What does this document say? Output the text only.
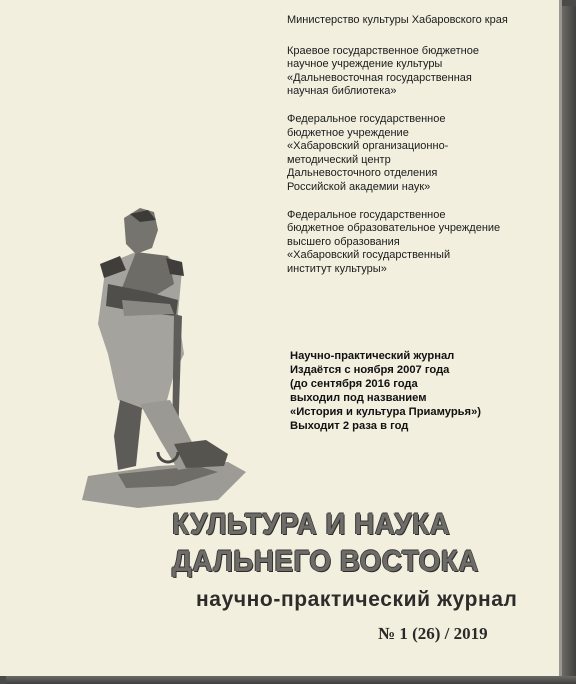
Министерство культуры Хабаровского края
Краевое государственное бюджетное
научное учреждение культуры
«Дальневосточная государственная
научная библиотека»
Федеральное государственное
бюджетное учреждение
«Хабаровский организационно-
методический центр
Дальневосточного отделения
Российской академии наук»
Федеральное государственное
бюджетное образовательное учреждение
высшего образования
«Хабаровский государственный
институт культуры»
Научно-практический журнал
Издаётся с ноября 2007 года
(до сентября 2016 года
выходил под названием
«История и культура Приамурья»)
Выходит 2 раза в год
КУЛЬТУРА И НАУКА
ДАЛЬНЕГО ВОСТОКА
научно-практический журнал
№ 1 (26) / 2019
